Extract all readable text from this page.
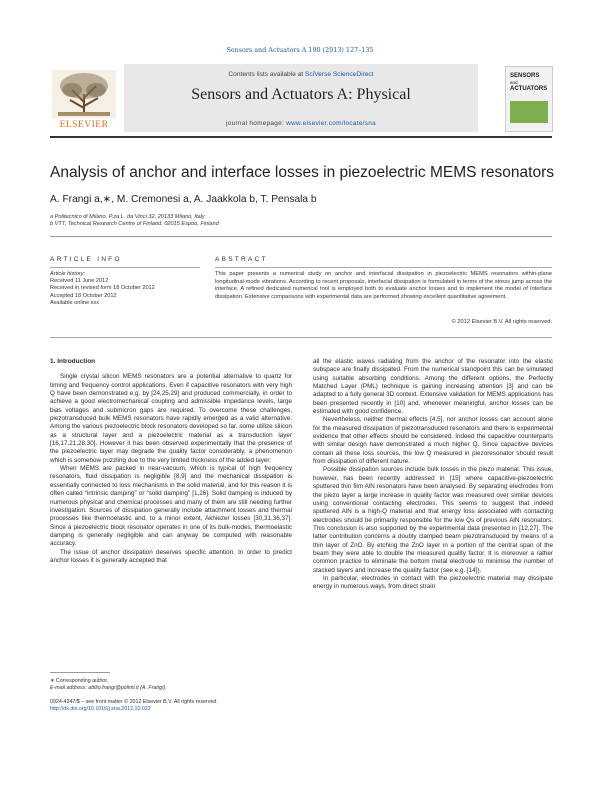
Sensors and Actuators A 190 (2013) 127–135
ELSEVIER
Contents lists available at SciVerse ScienceDirect
Sensors and Actuators A: Physical
journal homepage: www.elsevier.com/locate/sna
SENSORS
and
ACTUATORS
Analysis of anchor and interface losses in piezoelectric MEMS resonators
A. Frangi a,∗, M. Cremonesi a, A. Jaakkola b, T. Pensala b
a Politecnico di Milano, P.za L. da Vinci 32, 20133 Milano, Italy
b VTT, Technical Research Centre of Finland, 02015 Espoo, Finland
ARTICLE INFO	ABSTRACT
Article history:
Received 11 June 2012
Received in revised form 18 October 2012
Accepted 18 October 2012
Available online xxx
This paper presents a numerical study on anchor and interfacial dissipation in piezoelectric MEMS resonators within-plane longitudinal-mode vibrations. According to recent proposals, interfacial dissipation is formulated in terms of the stress jump across the interface. A refined dedicated numerical tool is employed both to evaluate anchor losses and to implement the model of interface dissipation. Extensive comparisons with experimental data are performed showing excellent quantitative agreement.
© 2012 Elsevier B.V. All rights reserved.

1. Introduction

Single crystal silicon MEMS resonators are a potential alternative to quartz for timing and frequency control applications. Even if capacitive resonators with very high Q have been demonstrated e.g. by [24,25,29] and produced commercially, in order to achieve a good electromechanical coupling and admissible impedance levels, large bias voltages and submicron gaps are required. To overcome these challenges, piezotransduced bulk MEMS resonators have rapidly emerged as a valid alternative. Among the various piezoelectric block resonators developed so far, some utilize silicon as a structural layer and a piezoelectric material as a transduction layer [16,17,21,28,30]. However it has been observed experimentally that the presence of the piezoelectric layer may degrade the quality factor considerably, a phenomenon which is somehow puzzling due to the very limited thickness of the added layer.

When MEMS are packed in near-vacuum, which is typical of high frequency resonators, fluid dissipation is negligible [8,9] and the mechanical dissipation is essentially connected to loss mechanisms in the solid material, and for this reason it is often called “intrinsic damping” or “solid damping” [1,26]. Solid damping is induced by numerous physical and chemical processes and many of them are still needing further investigation. Sources of dissipation generally include attachment losses and thermal processes like thermoelastic and, to a minor extent, Akhiezer losses [30,31,36,37]. Since a piezoelectric block resonator operates in one of its bulk-modes, thermoelastic damping is generally negligible and can anyway be computed with reasonable accuracy.

The issue of anchor dissipation deserves specific attention. In order to predict anchor losses it is generally accepted that

all the elastic waves radiating from the anchor of the resonator into the elastic subspace are finally dissipated. From the numerical standpoint this can be simulated using suitable absorbing conditions. Among the different options, the Perfectly Matched Layer (PML) technique is gaining increasing attention [3] and can be adapted to a fully general 3D context. Extensive validation for MEMS applications has been presented recently in [10] and, whenever meaningful, anchor losses can be estimated with good confidence.

Nevertheless, neither thermal effects [4,5], nor anchor losses can account alone for the measured dissipation of piezotransduced resonators and there is experimental evidence that other effects should be considered. Indeed the capacitive counterparts with similar design have demonstrated a much higher Q. Since capacitive devices contain all these loss sources, the low Q measured in piezoresonator should result from dissipation of different nature.

Possible dissipation sources include bulk losses in the piezo material. This issue, however, has been recently addressed in [15] where capacitive-piezoelectric sputtered thin film AlN resonators have been analysed. By separating electrodes from the piezo layer a large increase in quality factor was measured over similar devices using conventional contacting electrodes. This seems to suggest that indeed sputtered AlN is a high-Q material and that energy loss associated with contacting electrodes should be primarily responsible for the low Qs of previous AlN resonators. This conclusion is also supported by the experimental data presented in [12,27]. The latter contribution concerns a doubly clamped beam piezotransduced by means of a thin layer of ZnO. By etching the ZnO layer in a portion of the central span of the beam they were able to double the measured quality factor. It is moreover a rather common practice to eliminate the bottom metal electrode to minimise the number of stacked layers and increase the quality factor (see e.g. [14]).

In particular, electrodes in contact with the piezoelectric material may dissipate energy in numerous ways, from direct strain

∗ Corresponding author.
E-mail address: attilio.frangi@polimi.it (A. Frangi).
0924-4247/$ – see front matter © 2012 Elsevier B.V. All rights reserved.
http://dx.doi.org/10.1016/j.sna.2012.10.022
